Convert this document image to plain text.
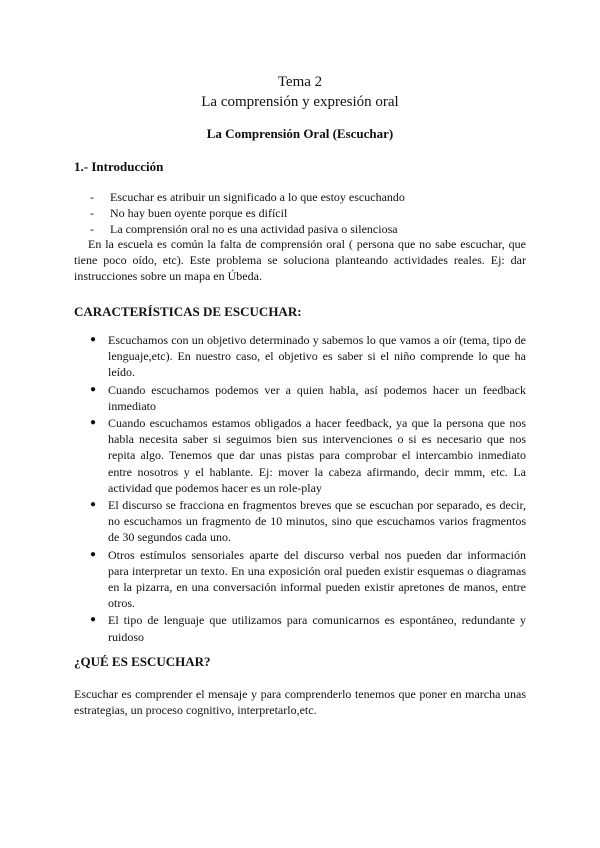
Tema 2
La comprensión y expresión oral
La Comprensión Oral (Escuchar)
1.- Introducción
- Escuchar es atribuir un significado a lo que estoy escuchando
- No hay buen oyente porque es difícil
- La comprensión oral no es una actividad pasiva o silenciosa

En la escuela es común la falta de comprensión oral ( persona que no sabe escuchar, que tiene poco oído, etc). Este problema se soluciona planteando actividades reales. Ej: dar instrucciones sobre un mapa en Úbeda.

CARACTERÍSTICAS DE ESCUCHAR:
● Escuchamos con un objetivo determinado y sabemos lo que vamos a oír (tema, tipo de lenguaje,etc). En nuestro caso, el objetivo es saber si el niño comprende lo que ha leído.
● Cuando escuchamos podemos ver a quien habla, así podemos hacer un feedback inmediato
● Cuando escuchamos estamos obligados a hacer feedback, ya que la persona que nos habla necesita saber si seguimos bien sus intervenciones o si es necesario que nos repita algo. Tenemos que dar unas pistas para comprobar el intercambio inmediato entre nosotros y el hablante. Ej: mover la cabeza afirmando, decir mmm, etc. La actividad que podemos hacer es un role-play
● El discurso se fracciona en fragmentos breves que se escuchan por separado, es decir, no escuchamos un fragmento de 10 minutos, sino que escuchamos varios fragmentos de 30 segundos cada uno.
● Otros estímulos sensoriales aparte del discurso verbal nos pueden dar información para interpretar un texto. En una exposición oral pueden existir esquemas o diagramas en la pizarra, en una conversación informal pueden existir apretones de manos, entre otros.
● El tipo de lenguaje que utilizamos para comunicarnos es espontáneo, redundante y ruidoso
¿QUÉ ES ESCUCHAR?

Escuchar es comprender el mensaje y para comprenderlo tenemos que poner en marcha unas estrategias, un proceso cognitivo, interpretarlo,etc.
